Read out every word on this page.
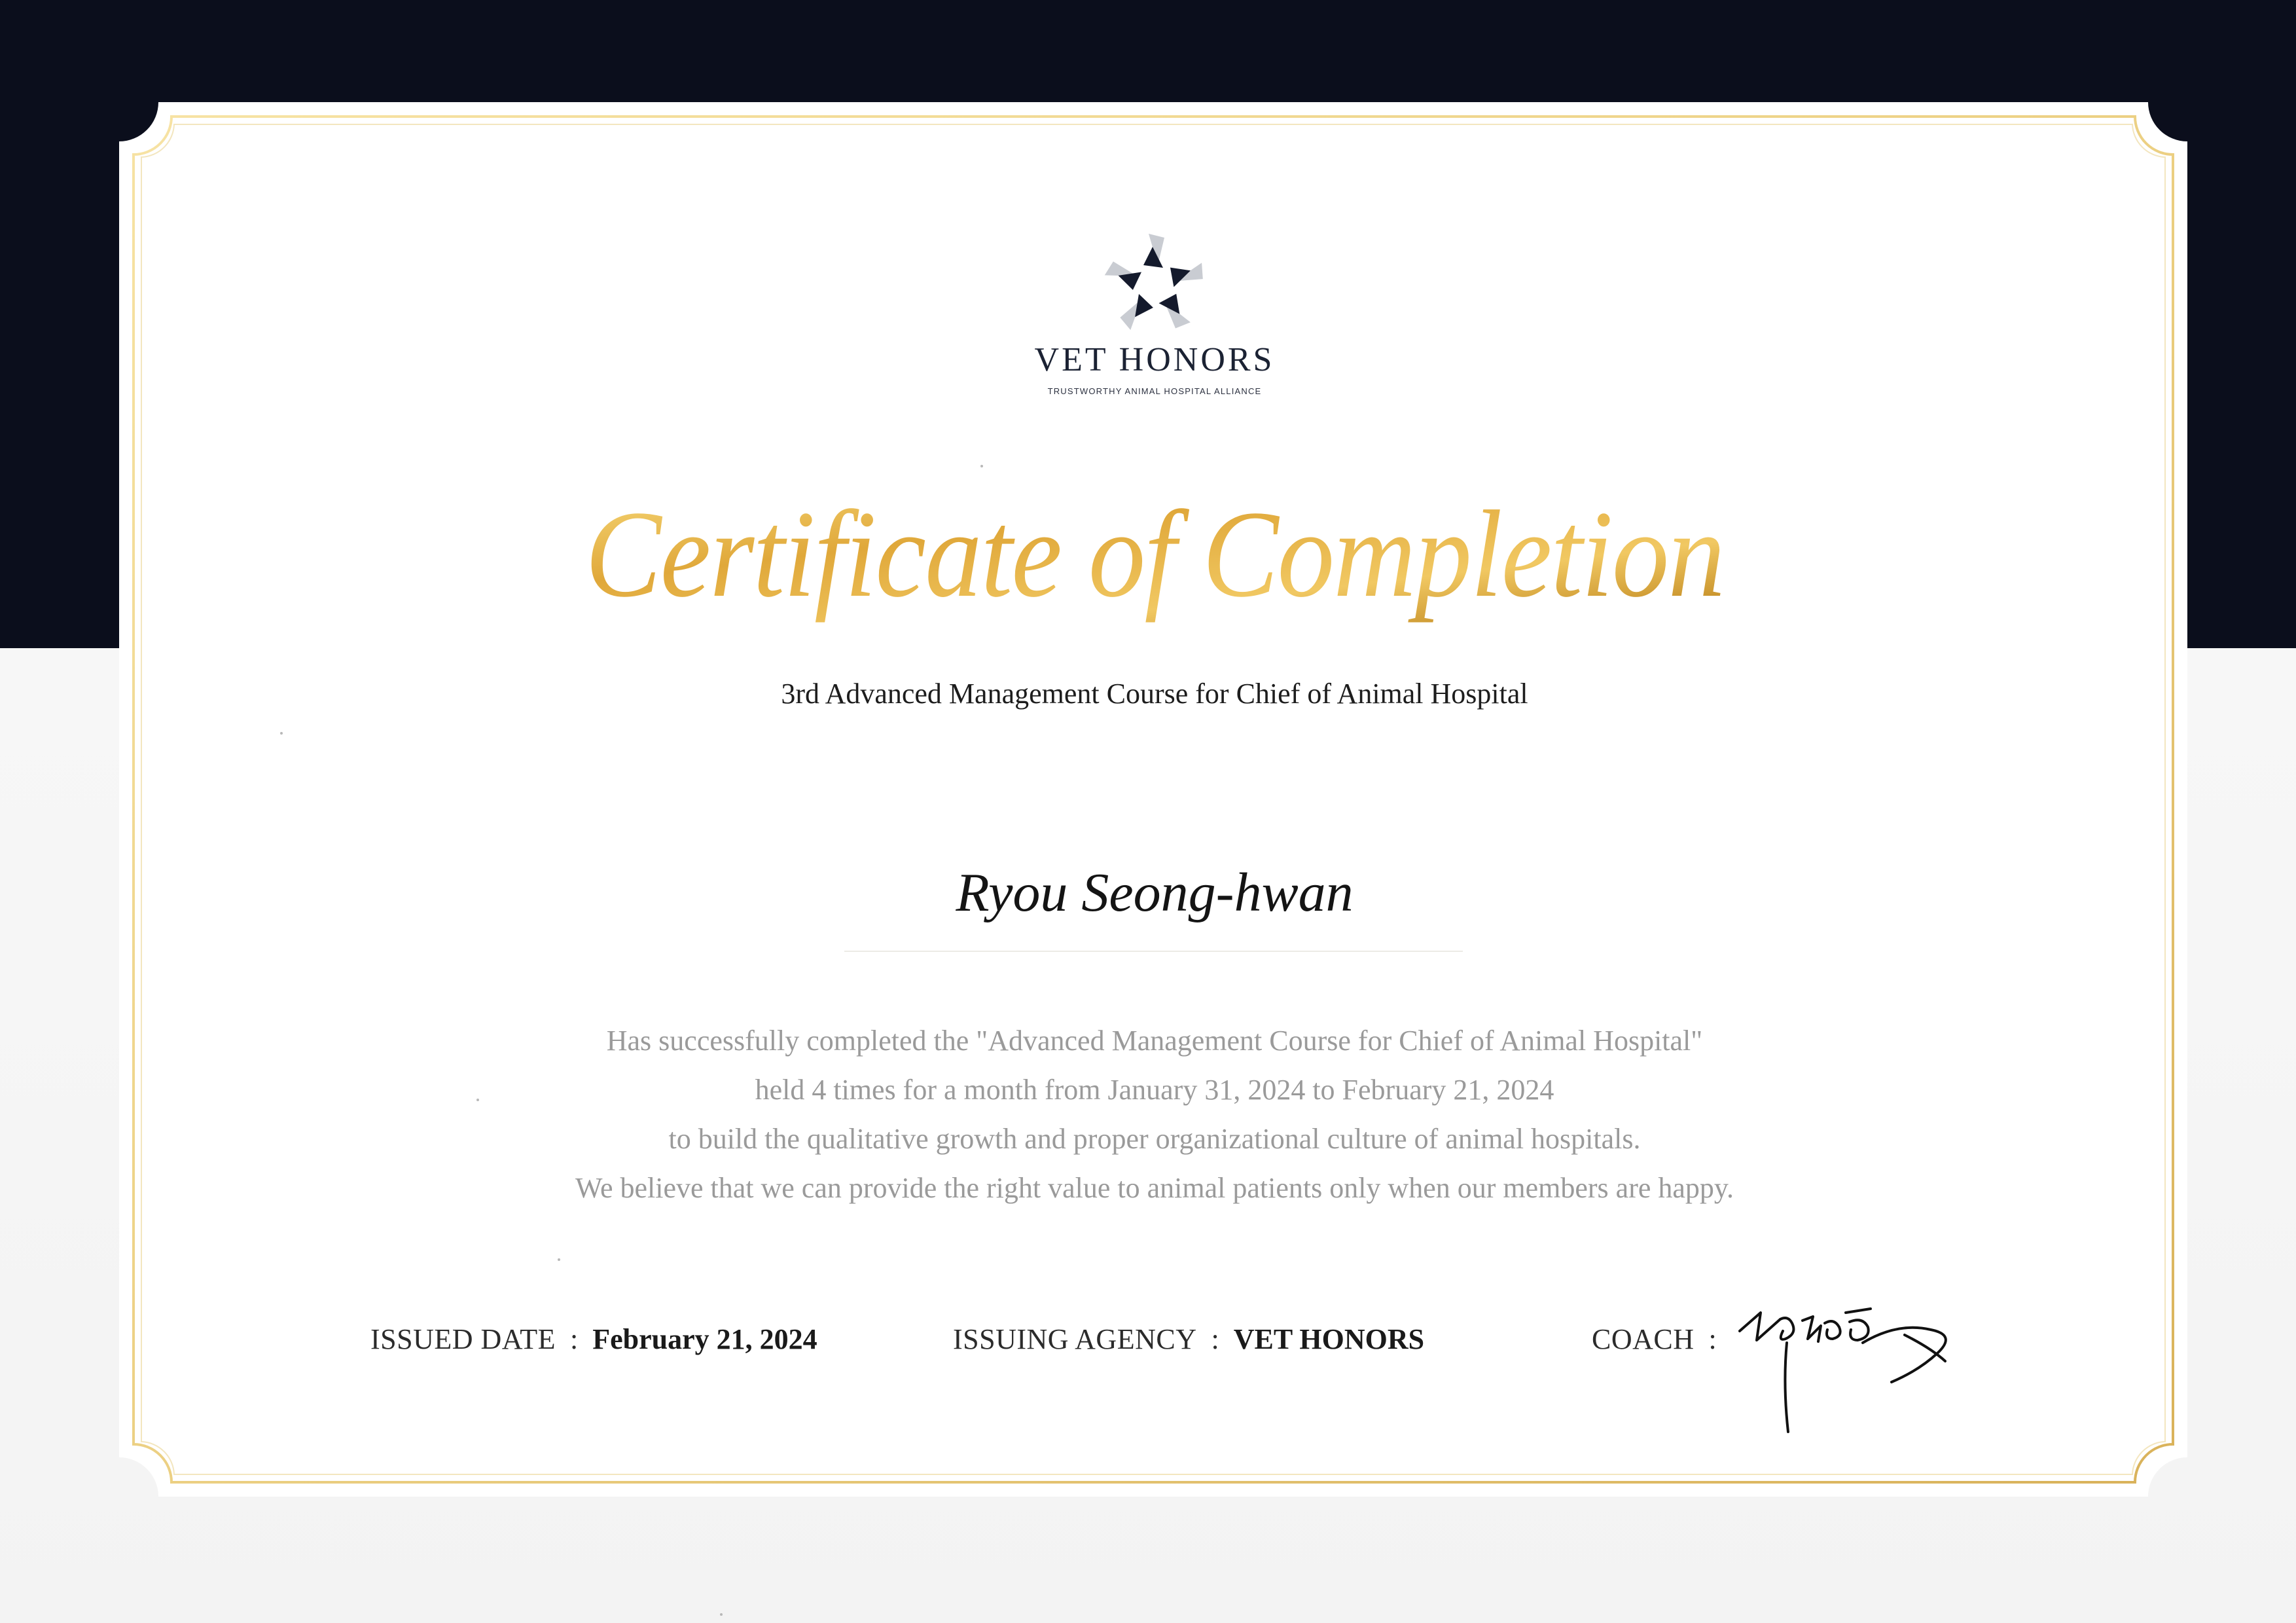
VET HONORS
TRUSTWORTHY ANIMAL HOSPITAL ALLIANCE
Certificate of Completion
3rd Advanced Management Course for Chief of Animal Hospital
Ryou Seong-hwan
Has successfully completed the "Advanced Management Course for Chief of Animal Hospital"
held 4 times for a month from January 31, 2024 to February 21, 2024
to build the qualitative growth and proper organizational culture of animal hospitals.
We believe that we can provide the right value to animal patients only when our members are happy.
ISSUED DATE : February 21, 2024	ISSUING AGENCY : VET HONORS	COACH :
